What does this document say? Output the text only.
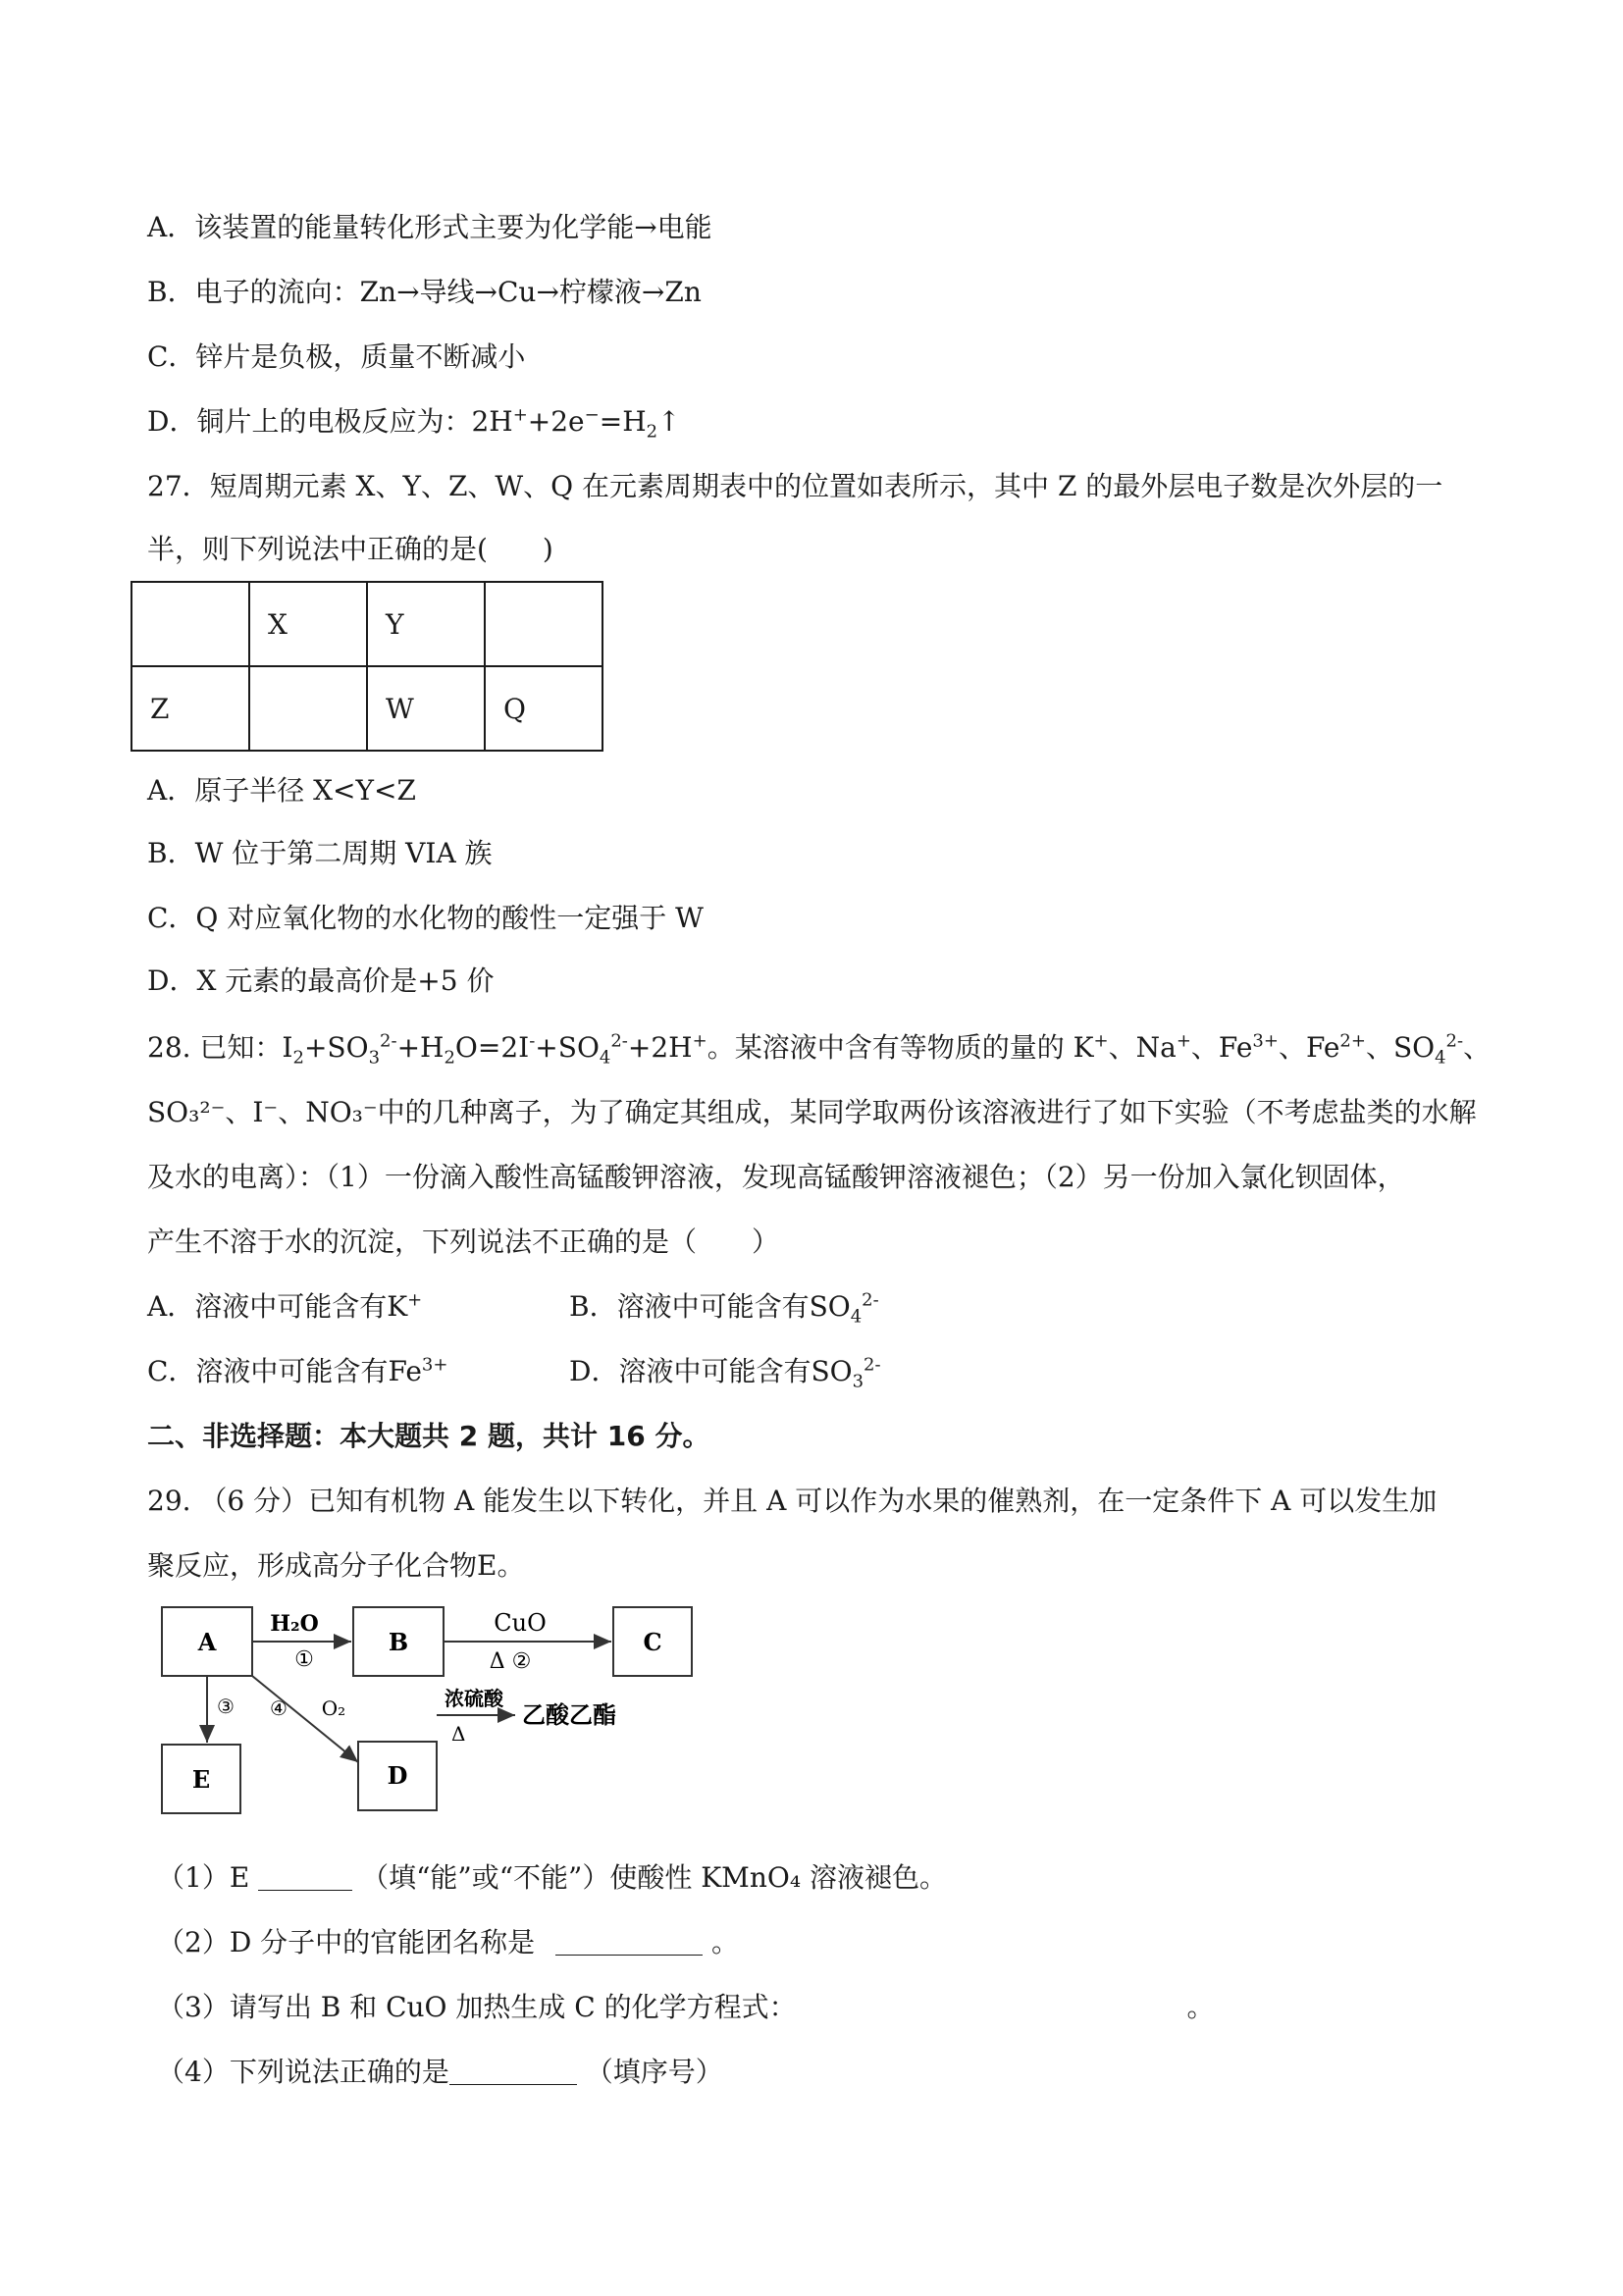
A．该装置的能量转化形式主要为化学能→电能
B．电子的流向：Zn→导线→Cu→柠檬液→Zn
C．锌片是负极，质量不断减小
D．铜片上的电极反应为：$2H^++2e^-=H_2↑$
27．短周期元素 X、Y、Z、W、Q 在元素周期表中的位置如表所示，其中 Z 的最外层电子数是次外层的一
半，则下列说法中正确的是(　　)
	X	Y	
Z		W	Q
A．原子半径 X<Y<Z
B．W 位于第二周期 VIA 族
C．Q 对应氧化物的水化物的酸性一定强于 W
D．X 元素的最高价是+5 价
28. 已知：$I_2+SO_3^{2-}+H_2O=2I^-+SO_4^{2-}+2H^+$。某溶液中含有等物质的量的 K+、Na+、$Fe^{3+}$、$Fe^{2+}$、$SO_4^{2-}$、
SO₃²⁻、I⁻、NO₃⁻中的几种离子，为了确定其组成，某同学取两份该溶液进行了如下实验（不考虑盐类的水解
及水的电离）：（1）一份滴入酸性高锰酸钾溶液，发现高锰酸钾溶液褪色；（2）另一份加入氯化钡固体，
产生不溶于水的沉淀，下列说法不正确的是（　　）
A．溶液中可能含有K+	B．溶液中可能含有$SO_4^{2-}$
C．溶液中可能含有$Fe^{3+}$	D．溶液中可能含有$SO_3^{2-}$
二、非选择题：本大题共 2 题，共计 16 分。
29. （6 分）已知有机物 A 能发生以下转化，并且 A 可以作为水果的催熟剂，在一定条件下 A 可以发生加
聚反应，形成高分子化合物E。
A	B	C
D
E
H₂O
①
CuO
Δ ②
③ ④ O₂	浓硫酸
Δ
乙酸乙酯
（1）E	（填“能”或“不能”）使酸性 KMnO₄ 溶液褪色。
（2）D 分子中的官能团名称是	。
（3）请写出 B 和 CuO 加热生成 C 的化学方程式：	。
（4）下列说法正确的是	（填序号）
